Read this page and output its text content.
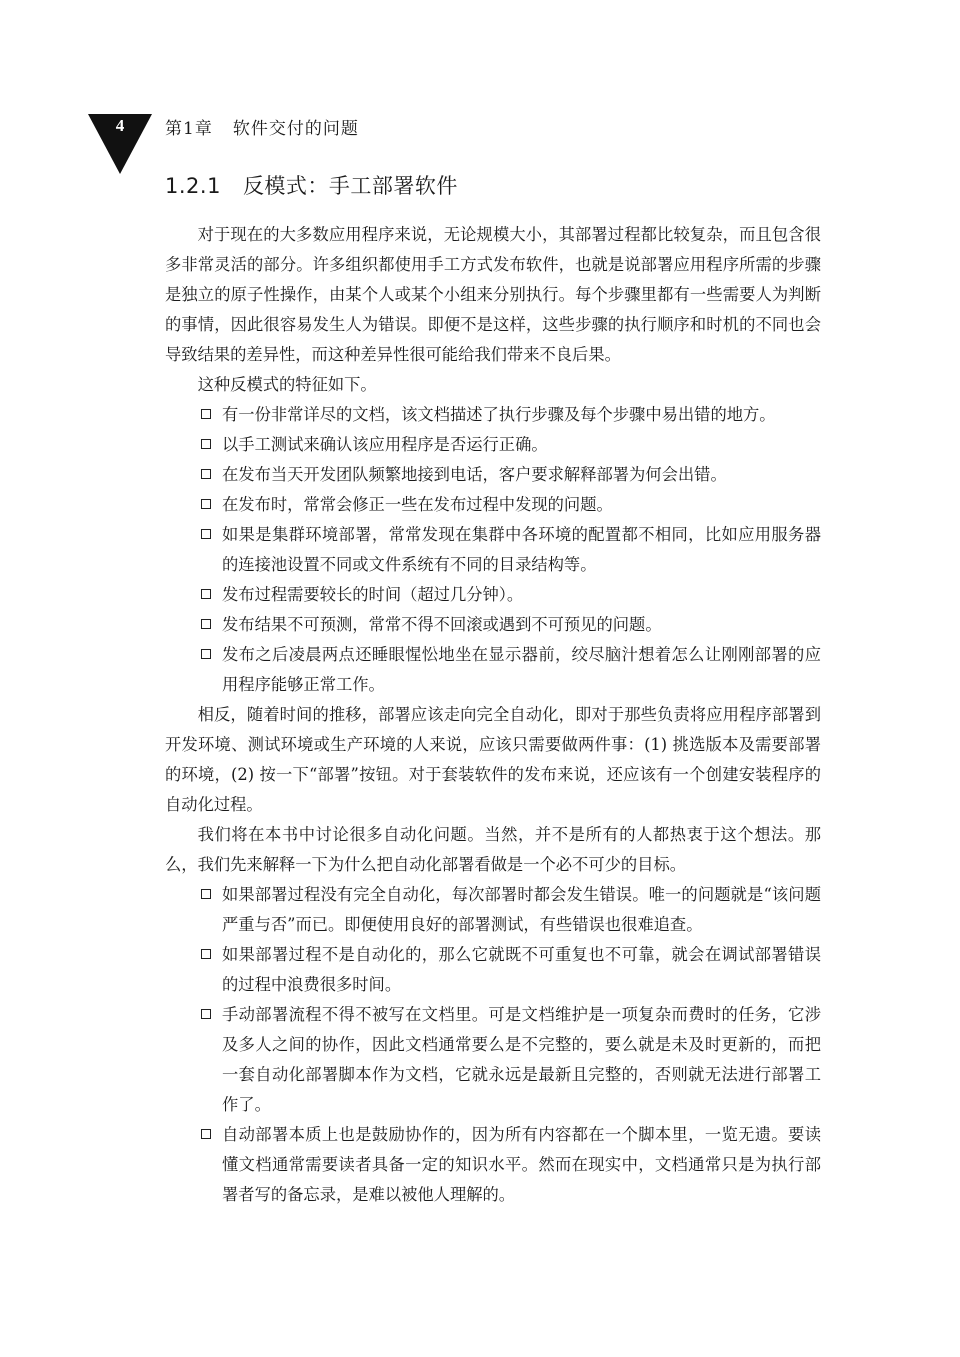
4	第1章 软件交付的问题
1.2.1 反模式：手工部署软件

对于现在的大多数应用程序来说，无论规模大小，其部署过程都比较复杂，而且包含很多非常灵活的部分。许多组织都使用手工方式发布软件，也就是说部署应用程序所需的步骤是独立的原子性操作，由某个人或某个小组来分别执行。每个步骤里都有一些需要人为判断的事情，因此很容易发生人为错误。即便不是这样，这些步骤的执行顺序和时机的不同也会导致结果的差异性，而这种差异性很可能给我们带来不良后果。

这种反模式的特征如下。

有一份非常详尽的文档，该文档描述了执行步骤及每个步骤中易出错的地方。
以手工测试来确认该应用程序是否运行正确。
在发布当天开发团队频繁地接到电话，客户要求解释部署为何会出错。
在发布时，常常会修正一些在发布过程中发现的问题。
如果是集群环境部署，常常发现在集群中各环境的配置都不相同，比如应用服务器的连接池设置不同或文件系统有不同的目录结构等。
发布过程需要较长的时间（超过几分钟）。
发布结果不可预测，常常不得不回滚或遇到不可预见的问题。
发布之后凌晨两点还睡眼惺忪地坐在显示器前，绞尽脑汁想着怎么让刚刚部署的应用程序能够正常工作。

相反，随着时间的推移，部署应该走向完全自动化，即对于那些负责将应用程序部署到开发环境、测试环境或生产环境的人来说，应该只需要做两件事：(1) 挑选版本及需要部署的环境，(2) 按一下“部署”按钮。对于套装软件的发布来说，还应该有一个创建安装程序的自动化过程。

我们将在本书中讨论很多自动化问题。当然，并不是所有的人都热衷于这个想法。那么，我们先来解释一下为什么把自动化部署看做是一个必不可少的目标。

如果部署过程没有完全自动化，每次部署时都会发生错误。唯一的问题就是“该问题严重与否”而已。即便使用良好的部署测试，有些错误也很难追查。
如果部署过程不是自动化的，那么它就既不可重复也不可靠，就会在调试部署错误的过程中浪费很多时间。
手动部署流程不得不被写在文档里。可是文档维护是一项复杂而费时的任务，它涉及多人之间的协作，因此文档通常要么是不完整的，要么就是未及时更新的，而把一套自动化部署脚本作为文档，它就永远是最新且完整的，否则就无法进行部署工作了。
自动部署本质上也是鼓励协作的，因为所有内容都在一个脚本里，一览无遗。要读懂文档通常需要读者具备一定的知识水平。然而在现实中，文档通常只是为执行部署者写的备忘录，是难以被他人理解的。
